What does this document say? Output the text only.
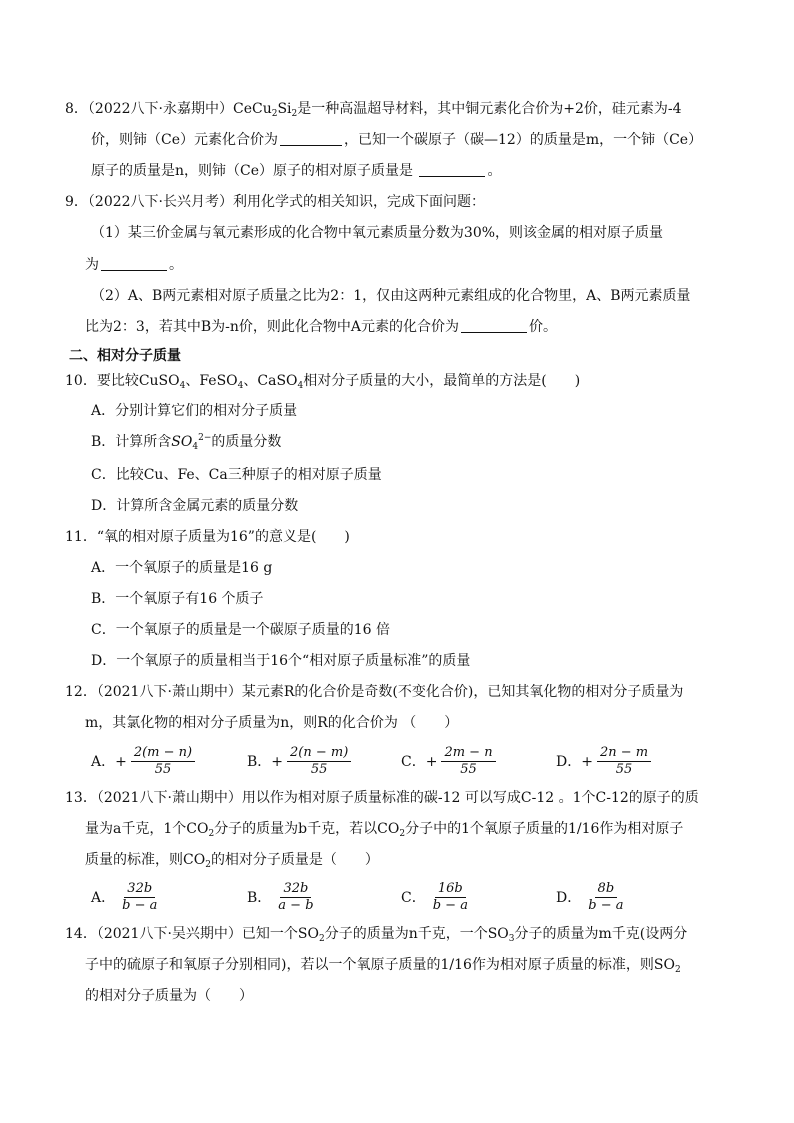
8．（2022八下·永嘉期中）$CeCu_2Si_2$是一种高温超导材料，其中铜元素化合价为+2价，硅元素为-4
价，则铈（Ce）元素化合价为	，已知一个碳原子（碳—12）的质量是m，一个铈（Ce）
原子的质量是n，则铈（Ce）原子的相对原子质量是	。
9．（2022八下·长兴月考）利用化学式的相关知识，完成下面问题：
（1）某三价金属与氧元素形成的化合物中氧元素质量分数为30%，则该金属的相对原子质量
为	。
（2）A、B两元素相对原子质量之比为2：1，仅由这两种元素组成的化合物里，A、B两元素质量
比为2：3，若其中B为-n价，则此化合物中A元素的化合价为	价。
二、相对分子质量
10．要比较CuSO$_4$、FeSO$_4$、CaSO$_4$相对分子质量的大小，最简单的方法是(　　)
A．分别计算它们的相对分子质量
B．计算所含$SO_4^{2-}$的质量分数
C．比较Cu、Fe、Ca三种原子的相对原子质量
D．计算所含金属元素的质量分数
11．“氧的相对原子质量为16”的意义是(　　)
A．一个氧原子的质量是16 g
B．一个氧原子有16 个质子
C．一个氧原子的质量是一个碳原子质量的16 倍
D．一个氧原子的质量相当于16个“相对原子质量标准”的质量
12．（2021八下·萧山期中）某元素R的化合价是奇数(不变化合价)，已知其氧化物的相对分子质量为
m，其氯化物的相对分子质量为n，则R的化合价为 （　　）
A．+ $\frac{2(m - n)}{55}$	B．+ $\frac{2(n - m)}{55}$	C．+ $\frac{2m - n}{55}$	D．+ $\frac{2n - m}{55}$
13．（2021八下·萧山期中）用以作为相对原子质量标准的碳-12 可以写成C-12 。1个C-12的原子的质
量为a千克，1个$CO_2$分子的质量为b千克，若以$CO_2$分子中的1个氧原子质量的1/16作为相对原子
质量的标准，则$CO_2$的相对分子质量是（　　）
A． $\frac{32b}{b - a}$	B． $\frac{32b}{a - b}$	C． $\frac{16b}{b - a}$	D． $\frac{8b}{b - a}$
14．（2021八下·吴兴期中）已知一个$SO_2$分子的质量为n千克，一个$SO_3$分子的质量为m千克(设两分
子中的硫原子和氧原子分别相同)，若以一个氧原子质量的1/16作为相对原子质量的标准，则$SO_2$
的相对分子质量为（　　）
